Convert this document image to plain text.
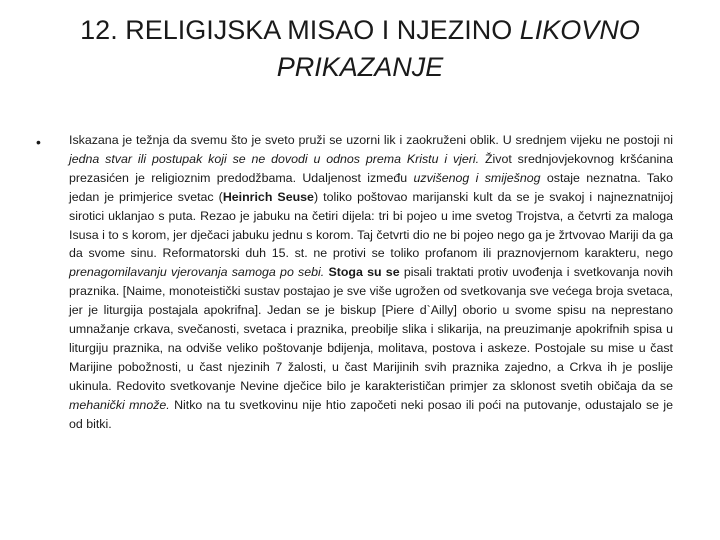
12. RELIGIJSKA MISAO I NJEZINO LIKOVNO PRIKAZANJE
• Iskazana je težnja da svemu što je sveto pruži se uzorni lik i zaokruženi oblik. U srednjem vijeku ne postoji ni jedna stvar ili postupak koji se ne dovodi u odnos prema Kristu i vjeri. Život srednjovjekovnog kršćanina prezasićen je religioznim predodžbama. Udaljenost između uzvišenog i smiješnog ostaje neznatna. Tako jedan je primjerice svetac (Heinrich Seuse) toliko poštovao marijanski kult da se je svakoj i najneznatnijoj sirotici uklanjao s puta. Rezao je jabuku na četiri dijela: tri bi pojeo u ime svetog Trojstva, a četvrti za maloga Isusa i to s korom, jer dječaci jabuku jednu s korom. Taj četvrti dio ne bi pojeo nego ga je žrtvovao Mariji da ga da svome sinu. Reformatorski duh 15. st. ne protivi se toliko profanom ili praznovjernom karakteru, nego prenagomilavanju vjerovanja samoga po sebi. Stoga su se pisali traktati protiv uvođenja i svetkovanja novih praznika. [Naime, monoteistički sustav postajao je sve više ugrožen od svetkovanja sve većega broja svetaca, jer je liturgija postajala apokrifna]. Jedan se je biskup [Piere d`Ailly] oborio u svome spisu na neprestano umnažanje crkava, svečanosti, svetaca i praznika, preobilje slika i slikarija, na preuzimanje apokrifnih spisa u liturgiju praznika, na odviše veliko poštovanje bdijenja, molitava, postova i askeze. Postojale su mise u čast Marijine pobožnosti, u čast njezinih 7 žalosti, u čast Marijinih svih praznika zajedno, a Crkva ih je poslije ukinula. Redovito svetkovanje Nevine dječice bilo je karakterističan primjer za sklonost svetih običaja da se mehanički množe. Nitko na tu svetkovinu nije htio započeti neki posao ili poći na putovanje, odustajalo se je od bitki.
